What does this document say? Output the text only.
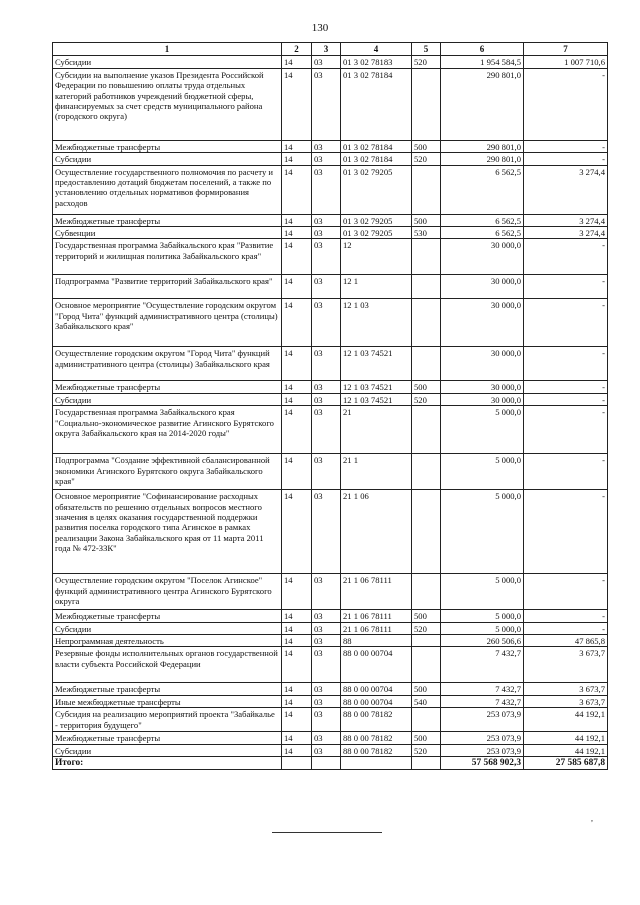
130
1	2	3	4	5	6	7
Субсидии	14	03	01 3 02 78183	520	1 954 584,5	1 007 710,6
Субсидии на выполнение указов Президента Российской Федерации по повышению оплаты труда отдельных категорий работников учреждений бюджетной сферы, финансируемых за счет средств муниципального района (городского округа)	14	03	01 3 02 78184		290 801,0	-
Межбюджетные трансферты	14	03	01 3 02 78184	500	290 801,0	-
Субсидии	14	03	01 3 02 78184	520	290 801,0	-
Осуществление государственного полномочия по расчету и предоставлению дотаций бюджетам поселений, а также по установлению отдельных нормативов формирования расходов	14	03	01 3 02 79205		6 562,5	3 274,4
Межбюджетные трансферты	14	03	01 3 02 79205	500	6 562,5	3 274,4
Субвенции	14	03	01 3 02 79205	530	6 562,5	3 274,4
Государственная программа Забайкальского края "Развитие территорий и жилищная политика Забайкальского края"	14	03	12		30 000,0	-
Подпрограмма "Развитие территорий Забайкальского края"	14	03	12 1		30 000,0	-
Основное мероприятие "Осуществление городским округом "Город Чита" функций административного центра (столицы) Забайкальского края"	14	03	12 1 03		30 000,0	-
Осуществление городским округом "Город Чита" функций административного центра (столицы) Забайкальского края	14	03	12 1 03 74521		30 000,0	-
Межбюджетные трансферты	14	03	12 1 03 74521	500	30 000,0	-
Субсидии	14	03	12 1 03 74521	520	30 000,0	-
Государственная программа Забайкальского края "Социально-экономическое развитие Агинского Бурятского округа Забайкальского края на 2014-2020 годы"	14	03	21		5 000,0	-
Подпрограмма "Создание эффективной сбалансированной экономики Агинского Бурятского округа Забайкальского края"	14	03	21 1		5 000,0	-
Основное мероприятие "Софинансирование расходных обязательств по решению отдельных вопросов местного значения в целях оказания государственной поддержки развития поселка городского типа Агинское в рамках реализации Закона Забайкальского края от 11 марта 2011 года № 472-ЗЗК"	14	03	21 1 06		5 000,0	-
Осуществление городским округом "Поселок Агинское" функций административного центра Агинского Бурятского округа	14	03	21 1 06 78111		5 000,0	-
Межбюджетные трансферты	14	03	21 1 06 78111	500	5 000,0	-
Субсидии	14	03	21 1 06 78111	520	5 000,0	-
Непрограммная деятельность	14	03	88		260 506,6	47 865,8
Резервные фонды исполнительных органов государственной власти субъекта Российской Федерации	14	03	88 0 00 00704		7 432,7	3 673,7
Межбюджетные трансферты	14	03	88 0 00 00704	500	7 432,7	3 673,7
Иные межбюджетные трансферты	14	03	88 0 00 00704	540	7 432,7	3 673,7
Субсидия на реализацию мероприятий проекта "Забайкалье - территория будущего"	14	03	88 0 00 78182		253 073,9	44 192,1
Межбюджетные трансферты	14	03	88 0 00 78182	500	253 073,9	44 192,1
Субсидии	14	03	88 0 00 78182	520	253 073,9	44 192,1
Итого:					57 568 902,3	27 585 687,8
,
